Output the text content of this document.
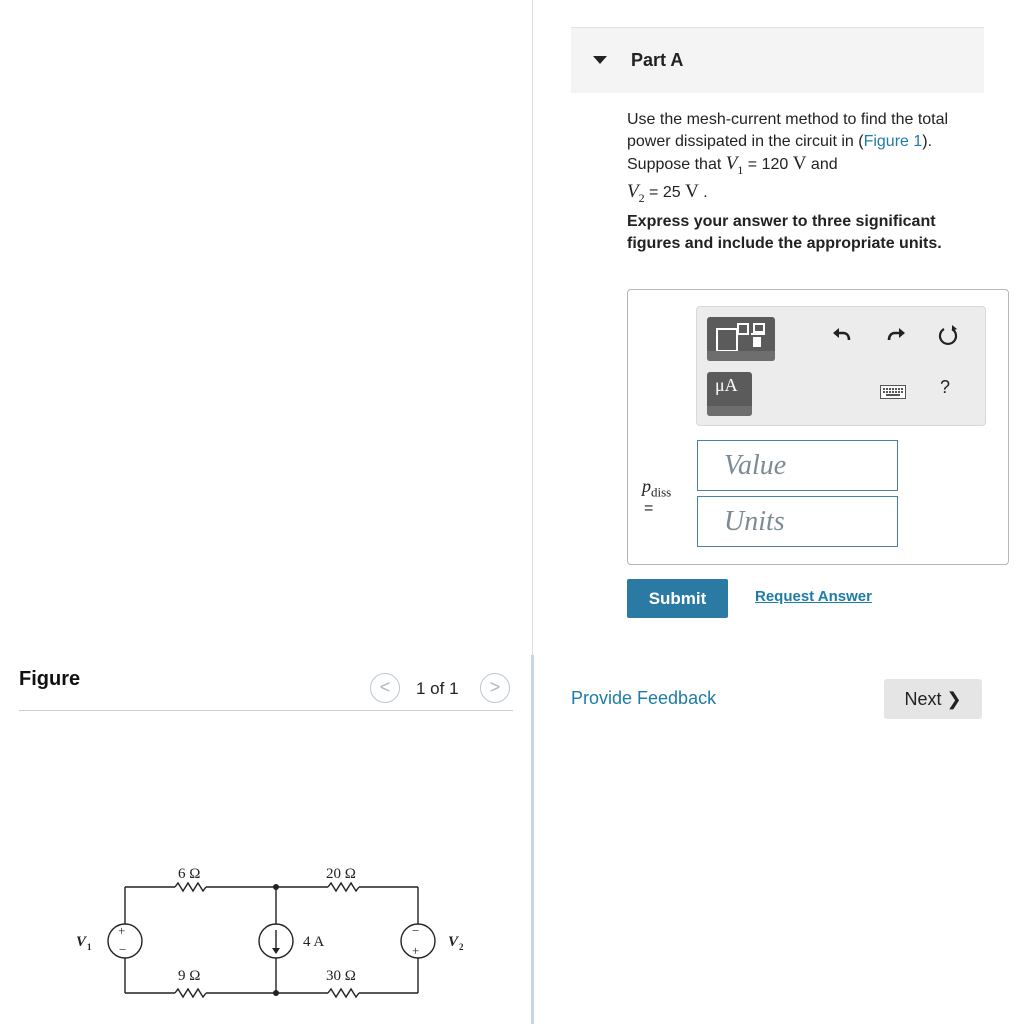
Part A
Use the mesh-current method to find the total power dissipated in the circuit in (Figure 1). Suppose that $V_1 = 120$ V and
$V_2 = 25$ V .
Express your answer to three significant figures and include the appropriate units.
μA	?
$p_{diss}$
=
Value
Units
Submit	Request Answer
Provide Feedback	Next ❯
Figure	<	1 of 1	>
6 Ω	20 Ω
9 Ω	30 Ω
4 A
+
−
−
+
V 1	V 2
